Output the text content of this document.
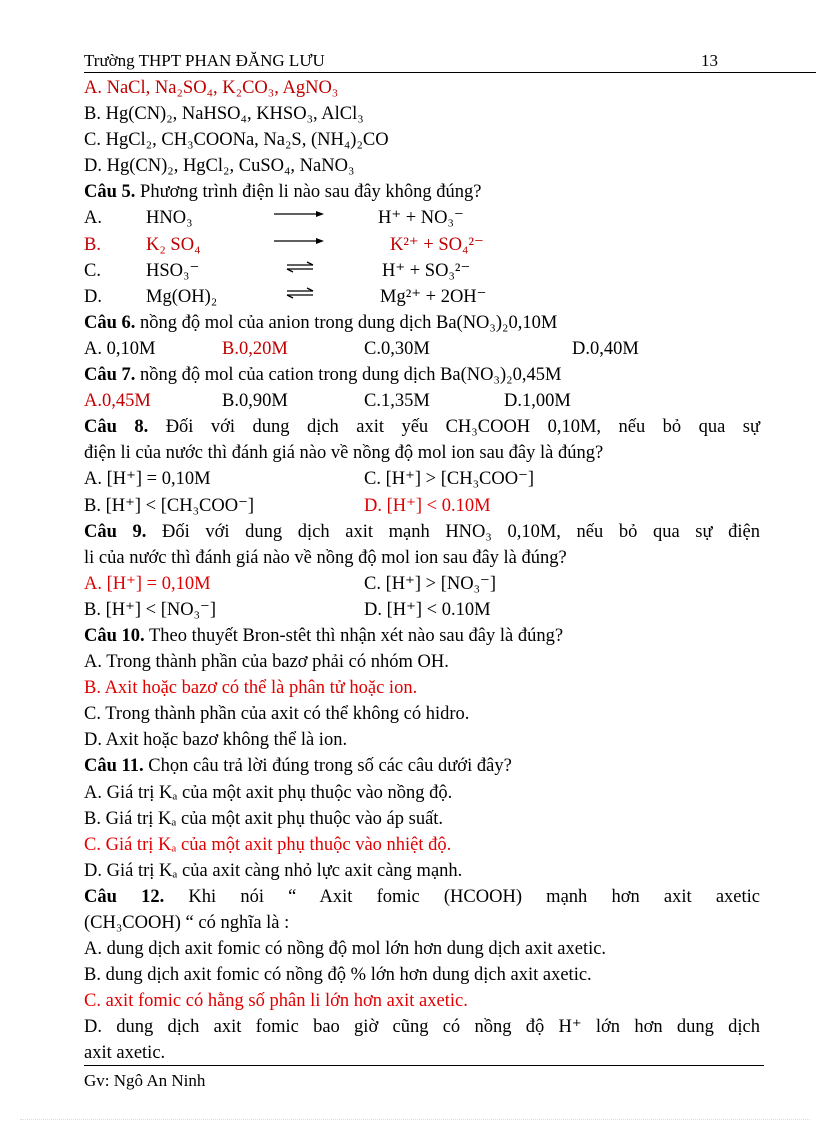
Trường THPT PHAN ĐĂNG LƯU	13
A. NaCl, Na₂SO₄, K₂CO₃, AgNO₃
B. Hg(CN)₂, NaHSO₄, KHSO₃, AlCl₃
C. HgCl₂, CH₃COONa, Na₂S, (NH₄)₂CO
D. Hg(CN)₂, HgCl₂, CuSO₄, NaNO₃
Câu 5. Phương trình điện li nào sau đây không đúng?
A. HNO₃	H⁺ + NO₃⁻
B. K₂ SO₄	K²⁺ + SO₄²⁻
C. HSO₃⁻	H⁺ + SO₃²⁻
D. Mg(OH)₂	Mg²⁺ + 2OH⁻
Câu 6. nồng độ mol của anion trong dung dịch Ba(NO₃)₂0,10M
A. 0,10M	B.0,20M	C.0,30M	D.0,40M
Câu 7. nồng độ mol của cation trong dung dịch Ba(NO₃)₂0,45M
A.0,45M	B.0,90M	C.1,35M	D.1,00M
Câu 8. Đối với dung dịch axit yếu CH₃COOH 0,10M, nếu bỏ qua sự
điện li của nước thì đánh giá nào về nồng độ mol ion sau đây là đúng?
A. [H⁺] = 0,10M	C. [H⁺] > [CH₃COO⁻]
B. [H⁺] < [CH₃COO⁻]	D. [H⁺] < 0.10M
Câu 9. Đối với dung dịch axit mạnh HNO₃ 0,10M, nếu bỏ qua sự điện
li của nước thì đánh giá nào về nồng độ mol ion sau đây là đúng?
A. [H⁺] = 0,10M	C. [H⁺] > [NO₃⁻]
B. [H⁺] < [NO₃⁻]	D. [H⁺] < 0.10M
Câu 10. Theo thuyết Bron-stêt thì nhận xét nào sau đây là đúng?
A. Trong thành phần của bazơ phải có nhóm OH.
B. Axit hoặc bazơ có thể là phân tử hoặc ion.
C. Trong thành phần của axit có thể không có hidro.
D. Axit hoặc bazơ không thể là ion.
Câu 11. Chọn câu trả lời đúng trong số các câu dưới đây?
A. Giá trị Kₐ của một axit phụ thuộc vào nồng độ.
B. Giá trị Kₐ của một axit phụ thuộc vào áp suất.
C. Giá trị Kₐ của một axit phụ thuộc vào nhiệt độ.
D. Giá trị Kₐ của axit càng nhỏ lực axit càng mạnh.
Câu 12. Khi nói “ Axit fomic (HCOOH) mạnh hơn axit axetic
(CH₃COOH) “ có nghĩa là :
A. dung dịch axit fomic có nồng độ mol lớn hơn dung dịch axit axetic.
B. dung dịch axit fomic có nồng độ % lớn hơn dung dịch axit axetic.
C. axit fomic có hằng số phân li lớn hơn axit axetic.
D. dung dịch axit fomic bao giờ cũng có nồng độ H⁺ lớn hơn dung dịch
axit axetic.
Gv: Ngô An Ninh
